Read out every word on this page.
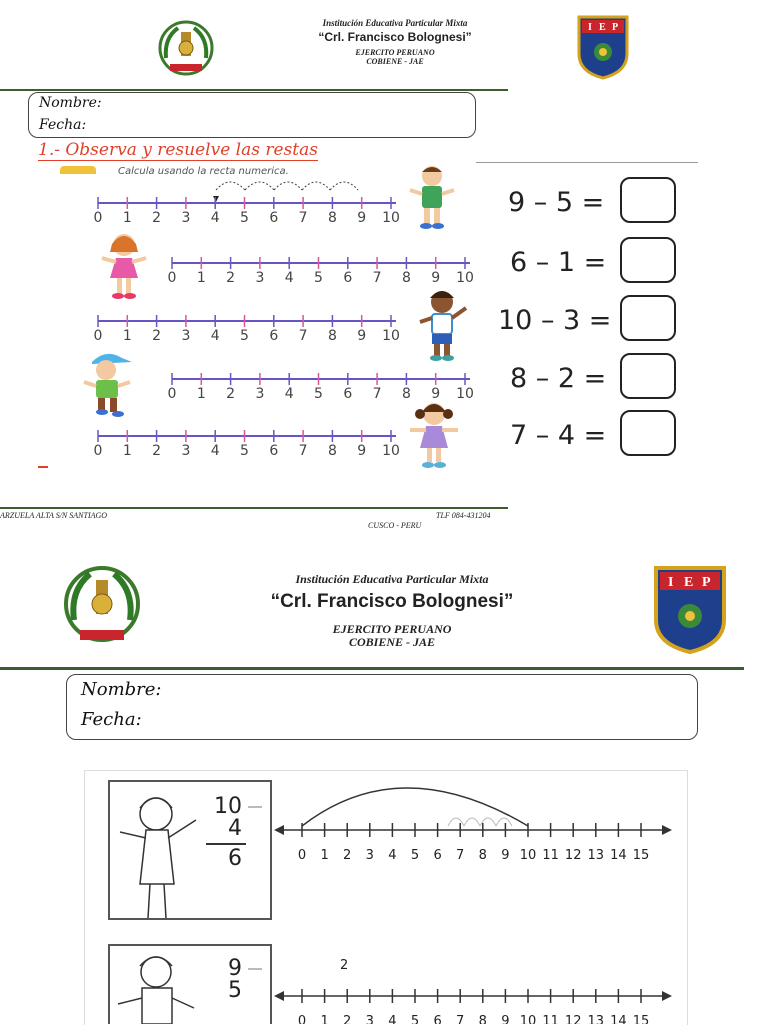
Institución Educativa Particular Mixta
“Crl. Francisco Bolognesi”
EJERCITO PERUANO
COBIENE - JAE
I E P
Nombre:
Fecha:
1.- Observa y resuelve las restas
Calcula usando la recta numerica.
0 1 2 3 4 5 6 7 8 9 10
0 1 2 3 4 5 6 7 8 9 10
0 1 2 3 4 5 6 7 8 9 10
0 1 2 3 4 5 6 7 8 9 10
0 1 2 3 4 5 6 7 8 9 10
9 – 5 =
6 – 1 =
10 – 3 =
8 – 2 =
7 – 4 =
ARZUELA ALTA S/N SANTIAGO	TLF 084-431204
CUSCO - PERU
Institución Educativa Particular Mixta
“Crl. Francisco Bolognesi”
EJERCITO PERUANO
COBIENE - JAE
I E P
Nombre:
Fecha:
10
4
6
9
5
2
0 1 2 3 4 5 6 7 8 9 10 11 12 13 14 15
0 1 2 3 4 5 6 7 8 9 10 11 12 13 14 15
